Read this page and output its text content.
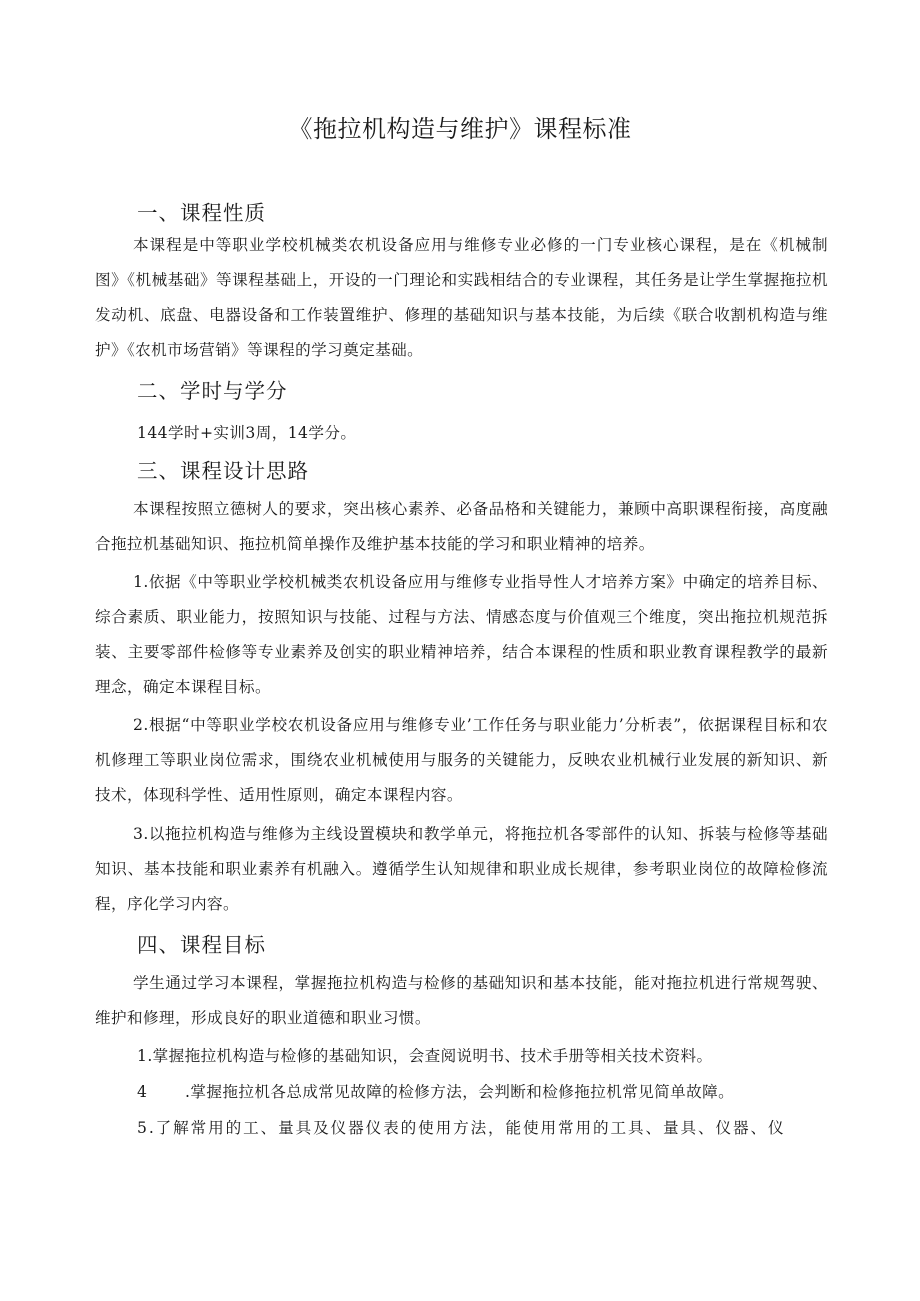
《拖拉机构造与维护》课程标准
一、课程性质
本课程是中等职业学校机械类农机设备应用与维修专业必修的一门专业核心课程，是在《机械制图》《机械基础》等课程基础上，开设的一门理论和实践相结合的专业课程，其任务是让学生掌握拖拉机发动机、底盘、电器设备和工作装置维护、修理的基础知识与基本技能，为后续《联合收割机构造与维护》《农机市场营销》等课程的学习奠定基础。
二、学时与学分
144学时+实训3周，14学分。
三、课程设计思路
本课程按照立德树人的要求，突出核心素养、必备品格和关键能力，兼顾中高职课程衔接，高度融合拖拉机基础知识、拖拉机简单操作及维护基本技能的学习和职业精神的培养。
1.依据《中等职业学校机械类农机设备应用与维修专业指导性人才培养方案》中确定的培养目标、综合素质、职业能力，按照知识与技能、过程与方法、情感态度与价值观三个维度，突出拖拉机规范拆装、主要零部件检修等专业素养及创实的职业精神培养，结合本课程的性质和职业教育课程教学的最新理念，确定本课程目标。
2.根据“中等职业学校农机设备应用与维修专业’工作任务与职业能力’分析表”，依据课程目标和农机修理工等职业岗位需求，围绕农业机械使用与服务的关键能力，反映农业机械行业发展的新知识、新技术，体现科学性、适用性原则，确定本课程内容。
3.以拖拉机构造与维修为主线设置模块和教学单元，将拖拉机各零部件的认知、拆装与检修等基础知识、基本技能和职业素养有机融入。遵循学生认知规律和职业成长规律，参考职业岗位的故障检修流程，序化学习内容。
四、课程目标
学生通过学习本课程，掌握拖拉机构造与检修的基础知识和基本技能，能对拖拉机进行常规驾驶、维护和修理，形成良好的职业道德和职业习惯。
1.掌握拖拉机构造与检修的基础知识，会查阅说明书、技术手册等相关技术资料。
4 .掌握拖拉机各总成常见故障的检修方法，会判断和检修拖拉机常见简单故障。
5.了解常用的工、量具及仪器仪表的使用方法，能使用常用的工具、量具、仪器、仪
